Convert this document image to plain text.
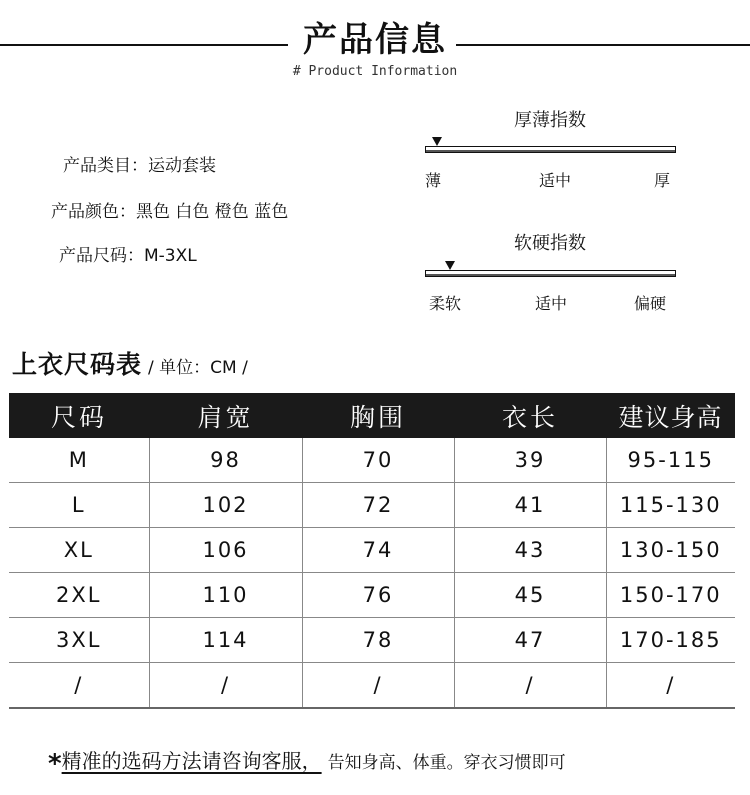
产品信息
# Product Information
产品类目：运动套装
产品颜色：黑色 白色 橙色 蓝色
产品尺码：M-3XL
厚薄指数
薄	适中	厚
软硬指数
柔软	适中	偏硬
上衣尺码表 / 单位：CM /
尺码	肩宽	胸围	衣长	建议身高
M	98	70	39	95-115
L	102	72	41	115-130
XL	106	74	43	130-150
2XL	110	76	45	150-170
3XL	114	78	47	170-185
/	/	/	/	/
*精准的选码方法请咨询客服， 告知身高、体重。穿衣习惯即可
